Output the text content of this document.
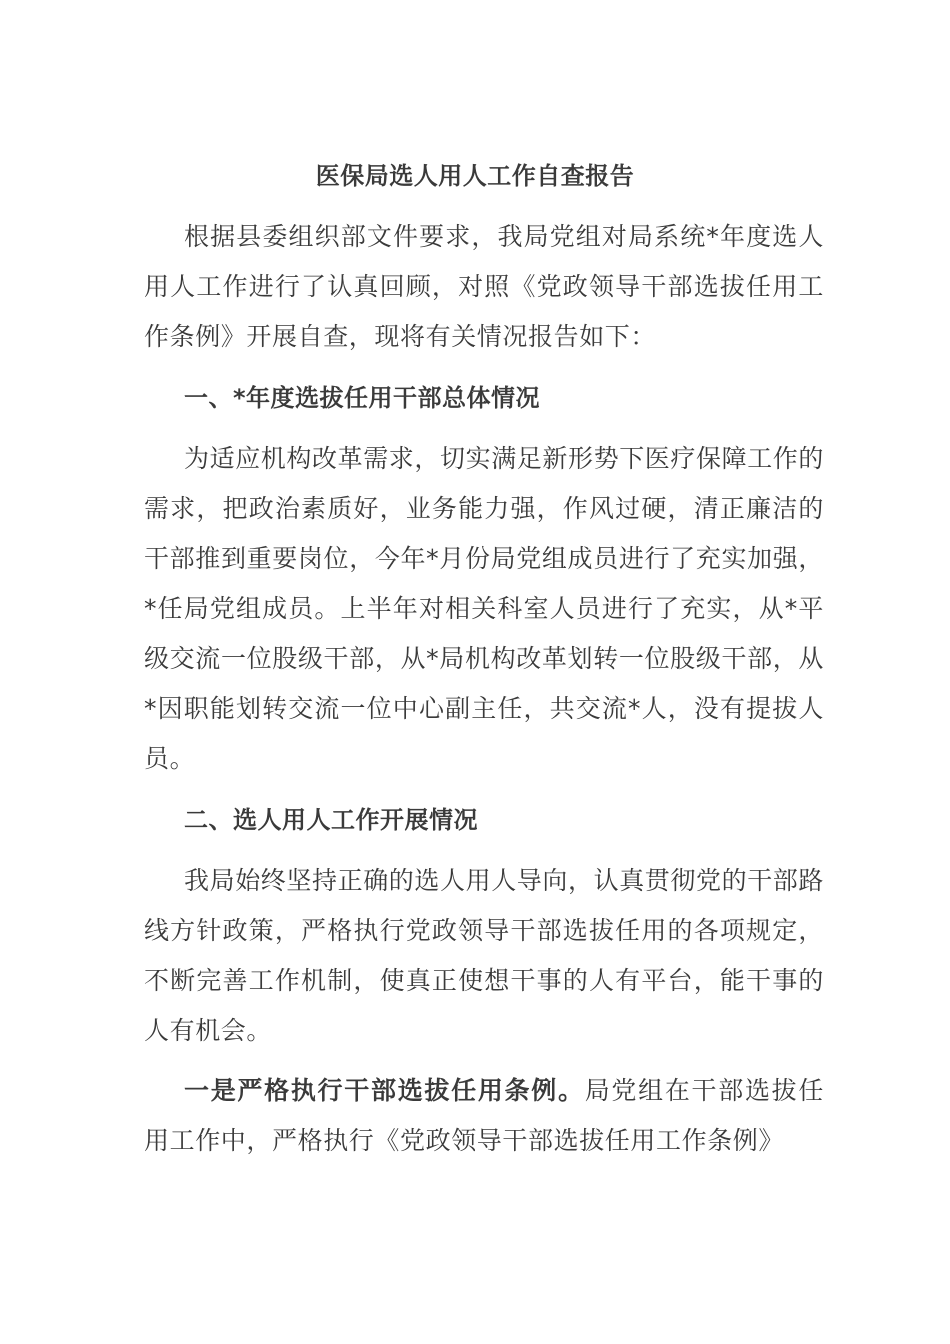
医保局选人用人工作自查报告
根据县委组织部文件要求，我局党组对局系统*年度选人用人工作进行了认真回顾，对照《党政领导干部选拔任用工作条例》开展自查，现将有关情况报告如下：
一、*年度选拔任用干部总体情况
为适应机构改革需求，切实满足新形势下医疗保障工作的需求，把政治素质好，业务能力强，作风过硬，清正廉洁的干部推到重要岗位，今年*月份局党组成员进行了充实加强，*任局党组成员。上半年对相关科室人员进行了充实，从*平级交流一位股级干部，从*局机构改革划转一位股级干部，从*因职能划转交流一位中心副主任，共交流*人，没有提拔人员。
二、选人用人工作开展情况
我局始终坚持正确的选人用人导向，认真贯彻党的干部路线方针政策，严格执行党政领导干部选拔任用的各项规定，不断完善工作机制，使真正使想干事的人有平台，能干事的人有机会。
一是严格执行干部选拔任用条例。局党组在干部选拔任用工作中，严格执行《党政领导干部选拔任用工作条例》
